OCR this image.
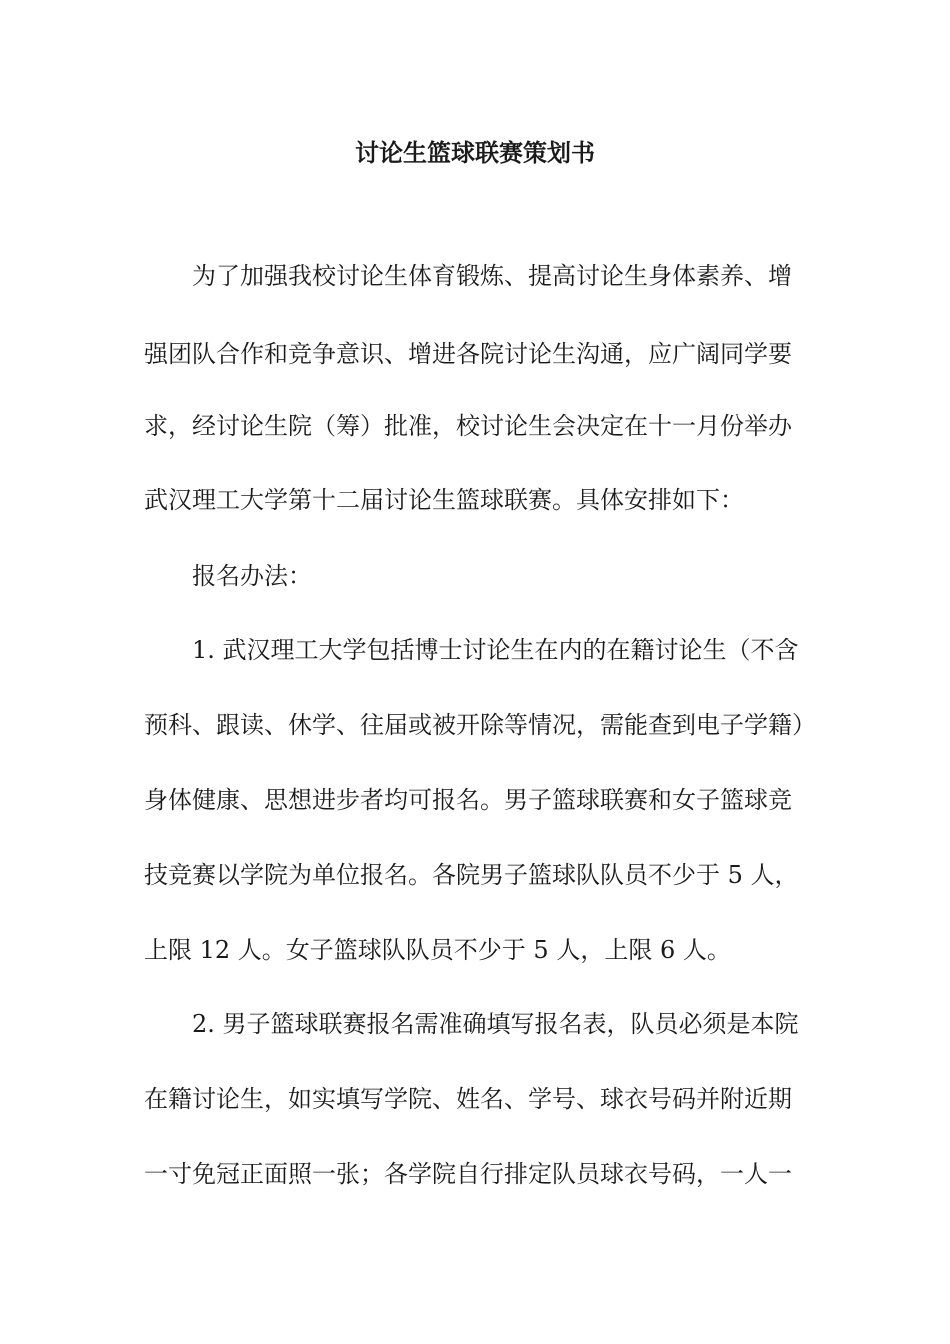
讨论生篮球联赛策划书
为了加强我校讨论生体育锻炼、提高讨论生身体素养、增
强团队合作和竞争意识、增进各院讨论生沟通，应广阔同学要
求，经讨论生院（筹）批准，校讨论生会决定在十一月份举办
武汉理工大学第十二届讨论生篮球联赛。具体安排如下：
报名办法：
1. 武汉理工大学包括博士讨论生在内的在籍讨论生（不含
预科、跟读、休学、往届或被开除等情况，需能查到电子学籍）
身体健康、思想进步者均可报名。男子篮球联赛和女子篮球竞
技竞赛以学院为单位报名。各院男子篮球队队员不少于 5 人，
上限 12 人。女子篮球队队员不少于 5 人，上限 6 人。
2. 男子篮球联赛报名需准确填写报名表，队员必须是本院
在籍讨论生，如实填写学院、姓名、学号、球衣号码并附近期
一寸免冠正面照一张；各学院自行排定队员球衣号码，一人一
